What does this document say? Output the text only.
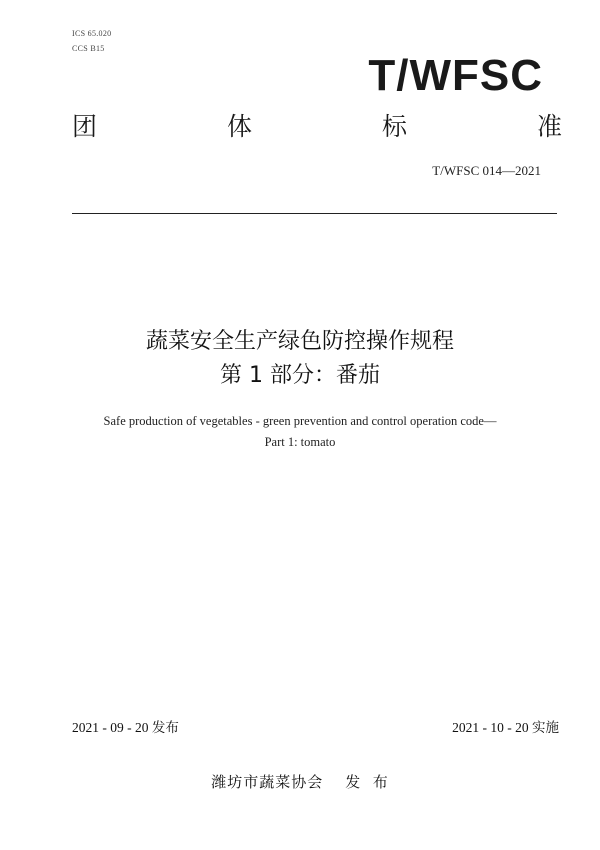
ICS 65.020
CCS B15
T/WFSC
团	体	标	准
T/WFSC 014—2021
蔬菜安全生产绿色防控操作规程
第 1 部分：番茄
Safe production of vegetables - green prevention and control operation code—
Part 1: tomato
2021 - 09 - 20 发布	2021 - 10 - 20 实施
潍坊市蔬菜协会 发  布
